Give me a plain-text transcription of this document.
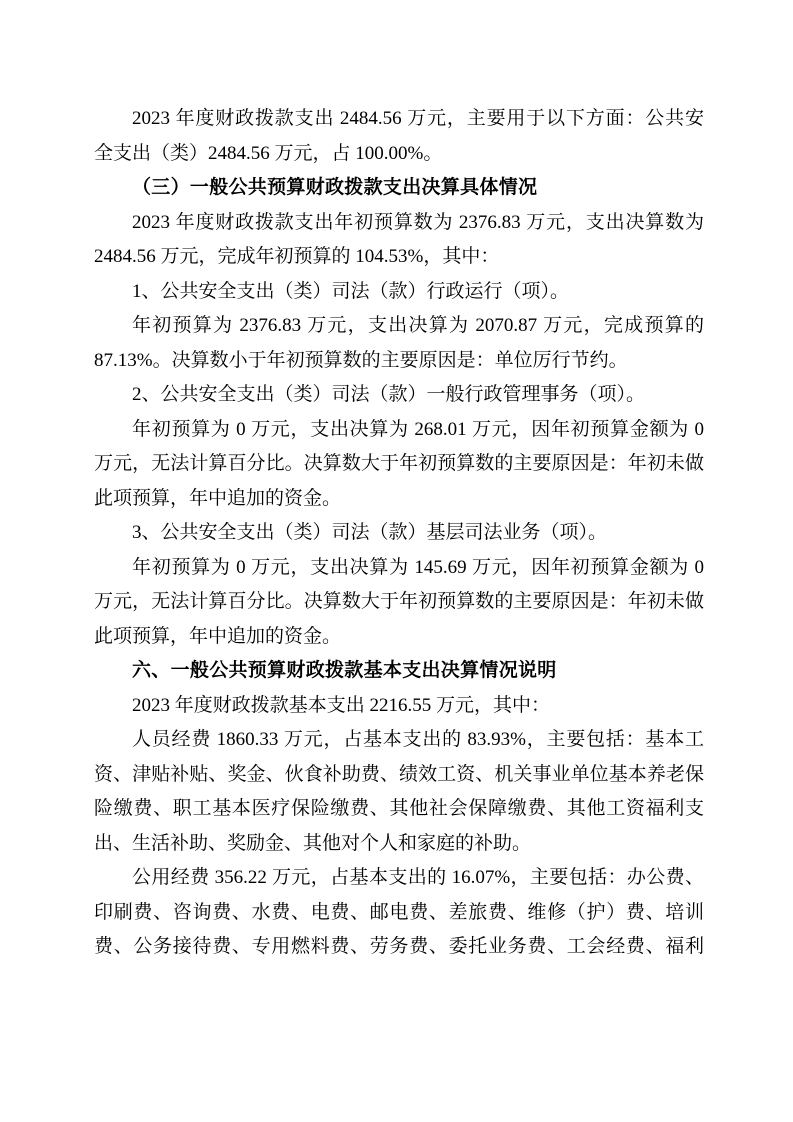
2023 年度财政拨款支出 2484.56 万元，主要用于以下方面：公共安
全支出（类）2484.56 万元，占 100.00%。
（三）一般公共预算财政拨款支出决算具体情况
2023 年度财政拨款支出年初预算数为 2376.83 万元，支出决算数为
2484.56 万元，完成年初预算的 104.53%，其中：
1、公共安全支出（类）司法（款）行政运行（项）。
年初预算为 2376.83 万元，支出决算为 2070.87 万元，完成预算的
87.13%。决算数小于年初预算数的主要原因是：单位厉行节约。
2、公共安全支出（类）司法（款）一般行政管理事务（项）。
年初预算为 0 万元，支出决算为 268.01 万元，因年初预算金额为 0
万元，无法计算百分比。决算数大于年初预算数的主要原因是：年初未做
此项预算，年中追加的资金。
3、公共安全支出（类）司法（款）基层司法业务（项）。
年初预算为 0 万元，支出决算为 145.69 万元，因年初预算金额为 0
万元，无法计算百分比。决算数大于年初预算数的主要原因是：年初未做
此项预算，年中追加的资金。
六、一般公共预算财政拨款基本支出决算情况说明
2023 年度财政拨款基本支出 2216.55 万元，其中：
人员经费 1860.33 万元，占基本支出的 83.93%，主要包括：基本工
资、津贴补贴、奖金、伙食补助费、绩效工资、机关事业单位基本养老保
险缴费、职工基本医疗保险缴费、其他社会保障缴费、其他工资福利支
出、生活补助、奖励金、其他对个人和家庭的补助。
公用经费 356.22 万元，占基本支出的 16.07%，主要包括：办公费、
印刷费、咨询费、水费、电费、邮电费、差旅费、维修（护）费、培训
费、公务接待费、专用燃料费、劳务费、委托业务费、工会经费、福利
